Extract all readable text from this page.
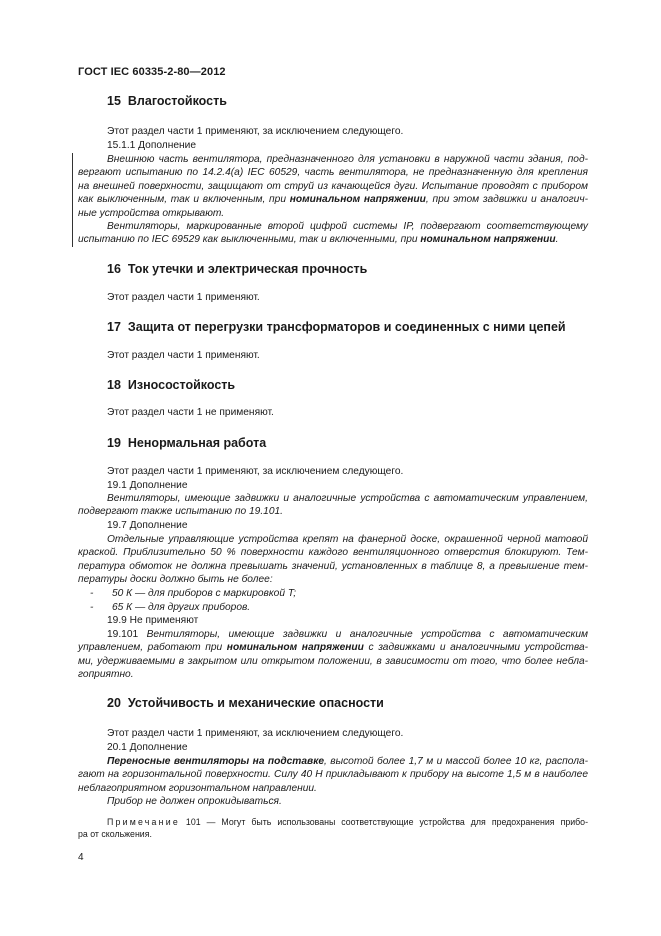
ГОСТ IEC 60335-2-80—2012
15 Влагостойкость
Этот раздел части 1 применяют, за исключением следующего.
15.1.1 Дополнение
Внешнюю часть вентилятора, предназначенного для установки в наружной части здания, под-
вергают испытанию по 14.2.4(a) IEC 60529, часть вентилятора, не предназначенную для крепления
на внешней поверхности, защищают от струй из качающейся дуги. Испытание проводят с прибором
как выключенным, так и включенным, при номинальном напряжении, при этом задвижки и аналогич-
ные устройства открывают.
Вентиляторы, маркированные второй цифрой системы IP, подвергают соответствующему
испытанию по IEC 69529 как выключенными, так и включенными, при номинальном напряжении.
16 Ток утечки и электрическая прочность
Этот раздел части 1 применяют.
17 Защита от перегрузки трансформаторов и соединенных с ними цепей
Этот раздел части 1 применяют.
18 Износостойкость
Этот раздел части 1 не применяют.
19 Ненормальная работа
Этот раздел части 1 применяют, за исключением следующего.
19.1 Дополнение
Вентиляторы, имеющие задвижки и аналогичные устройства с автоматическим управлением,
подвергают также испытанию по 19.101.
19.7 Дополнение
Отдельные управляющие устройства крепят на фанерной доске, окрашенной черной матовой
краской. Приблизительно 50 % поверхности каждого вентиляционного отверстия блокируют. Тем-
пература обмоток не должна превышать значений, установленных в таблице 8, а превышение тем-
пературы доски должно быть не более:
- 50 К — для приборов с маркировкой T;
- 65 К — для других приборов.
19.9 Не применяют
19.101 Вентиляторы, имеющие задвижки и аналогичные устройства с автоматическим
управлением, работают при номинальном напряжении с задвижками и аналогичными устройства-
ми, удерживаемыми в закрытом или открытом положении, в зависимости от того, что более небла-
гоприятно.
20 Устойчивость и механические опасности
Этот раздел части 1 применяют, за исключением следующего.
20.1 Дополнение
Переносные вентиляторы на подставке, высотой более 1,7 м и массой более 10 кг, распола-
гают на горизонтальной поверхности. Силу 40 Н прикладывают к прибору на высоте 1,5 м в наиболее
неблагоприятном горизонтальном направлении.
Прибор не должен опрокидываться.
Примечание 101 — Могут быть использованы соответствующие устройства для предохранения прибо-
ра от скольжения.
4
